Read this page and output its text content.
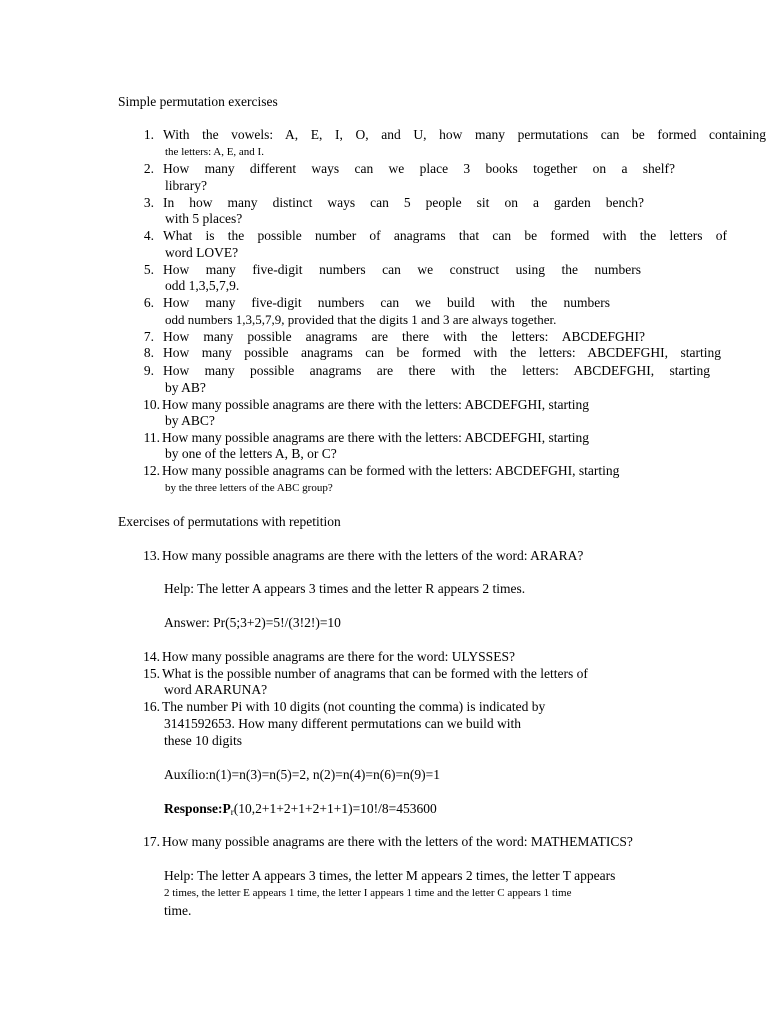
Simple permutation exercises
1. With the vowels: A, E, I, O, and U, how many permutations can be formed containing
the letters: A, E, and I.
2. How many different ways can we place 3 books together on a shelf?
library?
3. In how many distinct ways can 5 people sit on a garden bench?
with 5 places?
4. What is the possible number of anagrams that can be formed with the letters of
word LOVE?
5. How many five-digit numbers can we construct using the numbers
odd 1,3,5,7,9.
6. How many five-digit numbers can we build with the numbers
odd numbers 1,3,5,7,9, provided that the digits 1 and 3 are always together.
7. How many possible anagrams are there with the letters: ABCDEFGHI?
8. How many possible anagrams can be formed with the letters: ABCDEFGHI, starting
9. How many possible anagrams are there with the letters: ABCDEFGHI, starting
by AB?
10. How many possible anagrams are there with the letters: ABCDEFGHI, starting
by ABC?
11. How many possible anagrams are there with the letters: ABCDEFGHI, starting
by one of the letters A, B, or C?
12. How many possible anagrams can be formed with the letters: ABCDEFGHI, starting
by the three letters of the ABC group?
Exercises of permutations with repetition
13. How many possible anagrams are there with the letters of the word: ARARA?
Help: The letter A appears 3 times and the letter R appears 2 times.
Answer: Pr(5;3+2)=5!/(3!2!)=10
14. How many possible anagrams are there for the word: ULYSSES?
15. What is the possible number of anagrams that can be formed with the letters of
word ARARUNA?
16. The number Pi with 10 digits (not counting the comma) is indicated by
3141592653. How many different permutations can we build with
these 10 digits
Auxílio:n(1)=n(3)=n(5)=2, n(2)=n(4)=n(6)=n(9)=1
$Response:P_r(10,2+1+2+1+2+1+1)=10!/8=453600$
17. How many possible anagrams are there with the letters of the word: MATHEMATICS?
Help: The letter A appears 3 times, the letter M appears 2 times, the letter T appears
2 times, the letter E appears 1 time, the letter I appears 1 time and the letter C appears 1 time
time.
